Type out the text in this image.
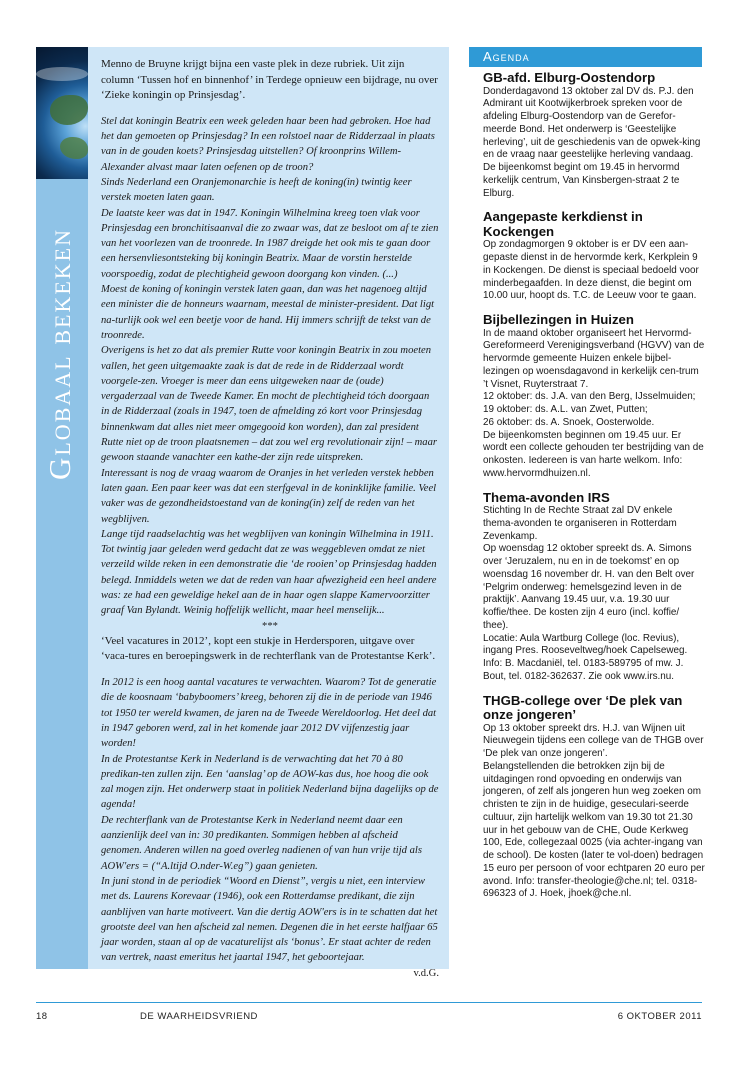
Globaal bekeken

Menno de Bruyne krijgt bijna een vaste plek in deze rubriek. Uit zijn column ‘Tussen hof en binnenhof’ in Terdege opnieuw een bijdrage, nu over ‘Zieke koningin op Prinsjesdag’.

Stel dat koningin Beatrix een week geleden haar been had gebroken. Hoe had het dan gemoeten op Prinsjesdag? In een rolstoel naar de Ridderzaal in plaats van in de gouden koets? Prinsjesdag uitstellen? Of kroonprins Willem-Alexander alvast maar laten oefenen op de troon?

Sinds Nederland een Oranjemonarchie is heeft de koning(in) twintig keer verstek moeten laten gaan.

De laatste keer was dat in 1947. Koningin Wilhelmina kreeg toen vlak voor Prinsjesdag een bronchitisaanval die zo zwaar was, dat ze besloot om af te zien van het voorlezen van de troonrede. In 1987 dreigde het ook mis te gaan door een hersenvliesontsteking bij koningin Beatrix. Maar de vorstin herstelde voorspoedig, zodat de plechtigheid gewoon doorgang kon vinden. (...)

Moest de koning of koningin verstek laten gaan, dan was het nagenoeg altijd een minister die de honneurs waarnam, meestal de minister-president. Dat ligt na-turlijk ook wel een beetje voor de hand. Hij immers schrijft de tekst van de troonrede.

Overigens is het zo dat als premier Rutte voor koningin Beatrix in zou moeten vallen, het geen uitgemaakte zaak is dat de rede in de Ridderzaal wordt voorgele-zen. Vroeger is meer dan eens uitgeweken naar de (oude) vergaderzaal van de Tweede Kamer. En mocht de plechtigheid tóch doorgaan in de Ridderzaal (zoals in 1947, toen de afmelding zó kort voor Prinsjesdag binnenkwam dat alles niet meer omgegooid kon worden), dan zal president Rutte niet op de troon plaatsnemen – dat zou wel erg revolutionair zijn! – maar gewoon staande vanachter een kathe-der zijn rede uitspreken.

Interessant is nog de vraag waarom de Oranjes in het verleden verstek hebben laten gaan. Een paar keer was dat een sterfgeval in de koninklijke familie. Veel vaker was de gezondheidstoestand van de koning(in) zelf de reden van het wegblijven.

Lange tijd raadselachtig was het wegblijven van koningin Wilhelmina in 1911. Tot twintig jaar geleden werd gedacht dat ze was weggebleven omdat ze niet verzeild wilde reken in een demonstratie die ‘de rooien’ op Prinsjesdag hadden belegd. Inmiddels weten we dat de reden van haar afwezigheid een heel andere was: ze had een geweldige hekel aan de in haar ogen slappe Kamervoorzitter graaf Van Bylandt. Weinig hoffelijk wellicht, maar heel menselijk...

***

‘Veel vacatures in 2012’, kopt een stukje in Herdersporen, uitgave over ‘vaca-tures en beroepingswerk in de rechterflank van de Protestantse Kerk’.

In 2012 is een hoog aantal vacatures te verwachten. Waarom? Tot de generatie die de koosnaam ‘babyboomers’ kreeg, behoren zij die in de periode van 1946 tot 1950 ter wereld kwamen, de jaren na de Tweede Wereldoorlog. Het deel dat in 1947 geboren werd, zal in het komende jaar 2012 DV vijfenzestig jaar worden!

In de Protestantse Kerk in Nederland is de verwachting dat het 70 à 80 predikan-ten zullen zijn. Een ‘aanslag’ op de AOW-kas dus, hoe hoog die ook zal mogen zijn. Het onderwerp staat in politiek Nederland bijna dagelijks op de agenda!

De rechterflank van de Protestantse Kerk in Nederland neemt daar een aanzienlijk deel van in: 30 predikanten. Sommigen hebben al afscheid genomen. Anderen willen na goed overleg nadienen of van hun vrije tijd als AOW'ers = (“A.ltijd O.nder-W.eg”) gaan genieten.

In juni stond in de periodiek “Woord en Dienst”, vergis u niet, een interview met ds. Laurens Korevaar (1946), ook een Rotterdamse predikant, die zijn aanblijven van harte motiveert. Van die dertig AOW'ers is in te schatten dat het grootste deel van hen afscheid zal nemen. Degenen die in het eerste halfjaar 65 jaar worden, staan al op de vacaturelijst als ‘bonus’. Er staat achter de reden van vertrek, naast emeritus het jaartal 1947, het geboortejaar.

v.d.G.

Agenda
GB-afd. Elburg-Oostendorp

Donderdagavond 13 oktober zal DV ds. P.J. den Admirant uit Kootwijkerbroek spreken voor de afdeling Elburg-Oostendorp van de Gerefor-meerde Bond. Het onderwerp is ‘Geestelijke herleving’, uit de geschiedenis van de opwek-king en de vraag naar geestelijke herleving vandaag. De bijeenkomst begint om 19.45 in hervormd kerkelijk centrum, Van Kinsbergen-straat 2 te Elburg.

Aangepaste kerkdienst in Kockengen

Op zondagmorgen 9 oktober is er DV een aan-gepaste dienst in de hervormde kerk, Kerkplein 9 in Kockengen. De dienst is speciaal bedoeld voor minderbegaafden. In deze dienst, die begint om 10.00 uur, hoopt ds. T.C. de Leeuw voor te gaan.

Bijbellezingen in Huizen

In de maand oktober organiseert het Hervormd-Gereformeerd Verenigingsverband (HGVV) van de hervormde gemeente Huizen enkele bijbel-lezingen op woensdagavond in kerkelijk cen-trum ’t Visnet, Ruyterstraat 7.

12 oktober: ds. J.A. van den Berg, IJsselmuiden;

19 oktober: ds. A.L. van Zwet, Putten;

26 oktober: ds. A. Snoek, Oosterwolde.

De bijeenkomsten beginnen om 19.45 uur. Er wordt een collecte gehouden ter bestrijding van de onkosten. Iedereen is van harte welkom. Info: www.hervormdhuizen.nl.

Thema-avonden IRS

Stichting In de Rechte Straat zal DV enkele thema-avonden te organiseren in Rotterdam Zevenkamp.

Op woensdag 12 oktober spreekt ds. A. Simons over ‘Jeruzalem, nu en in de toekomst’ en op woensdag 16 november dr. H. van den Belt over ‘Pelgrim onderweg: hemelsgezind leven in de praktijk’. Aanvang 19.45 uur, v.a. 19.30 uur koffie/thee. De kosten zijn 4 euro (incl. koffie/ thee).

Locatie: Aula Wartburg College (loc. Revius), ingang Pres. Rooseveltweg/hoek Capelseweg. Info: B. Macdaniël, tel. 0183-589795 of mw. J. Bout, tel. 0182-362637. Zie ook www.irs.nu.

THGB-college over ‘De plek van onze jongeren’

Op 13 oktober spreekt drs. H.J. van Wijnen uit Nieuwegein tijdens een college van de THGB over ‘De plek van onze jongeren’.

Belangstellenden die betrokken zijn bij de uitdagingen rond opvoeding en onderwijs van jongeren, of zelf als jongeren hun weg zoeken om christen te zijn in de huidige, geseculari-seerde cultuur, zijn hartelijk welkom van 19.30 tot 21.30 uur in het gebouw van de CHE, Oude Kerkweg 100, Ede, collegezaal 0025 (via achter-ingang van de school). De kosten (later te vol-doen) bedragen 15 euro per persoon of voor echtparen 20 euro per avond. Info: transfer-theologie@che.nl; tel. 0318-696323 of J. Hoek, jhoek@che.nl.

18	DE WAARHEIDSVRIEND	6 OKTOBER 2011
